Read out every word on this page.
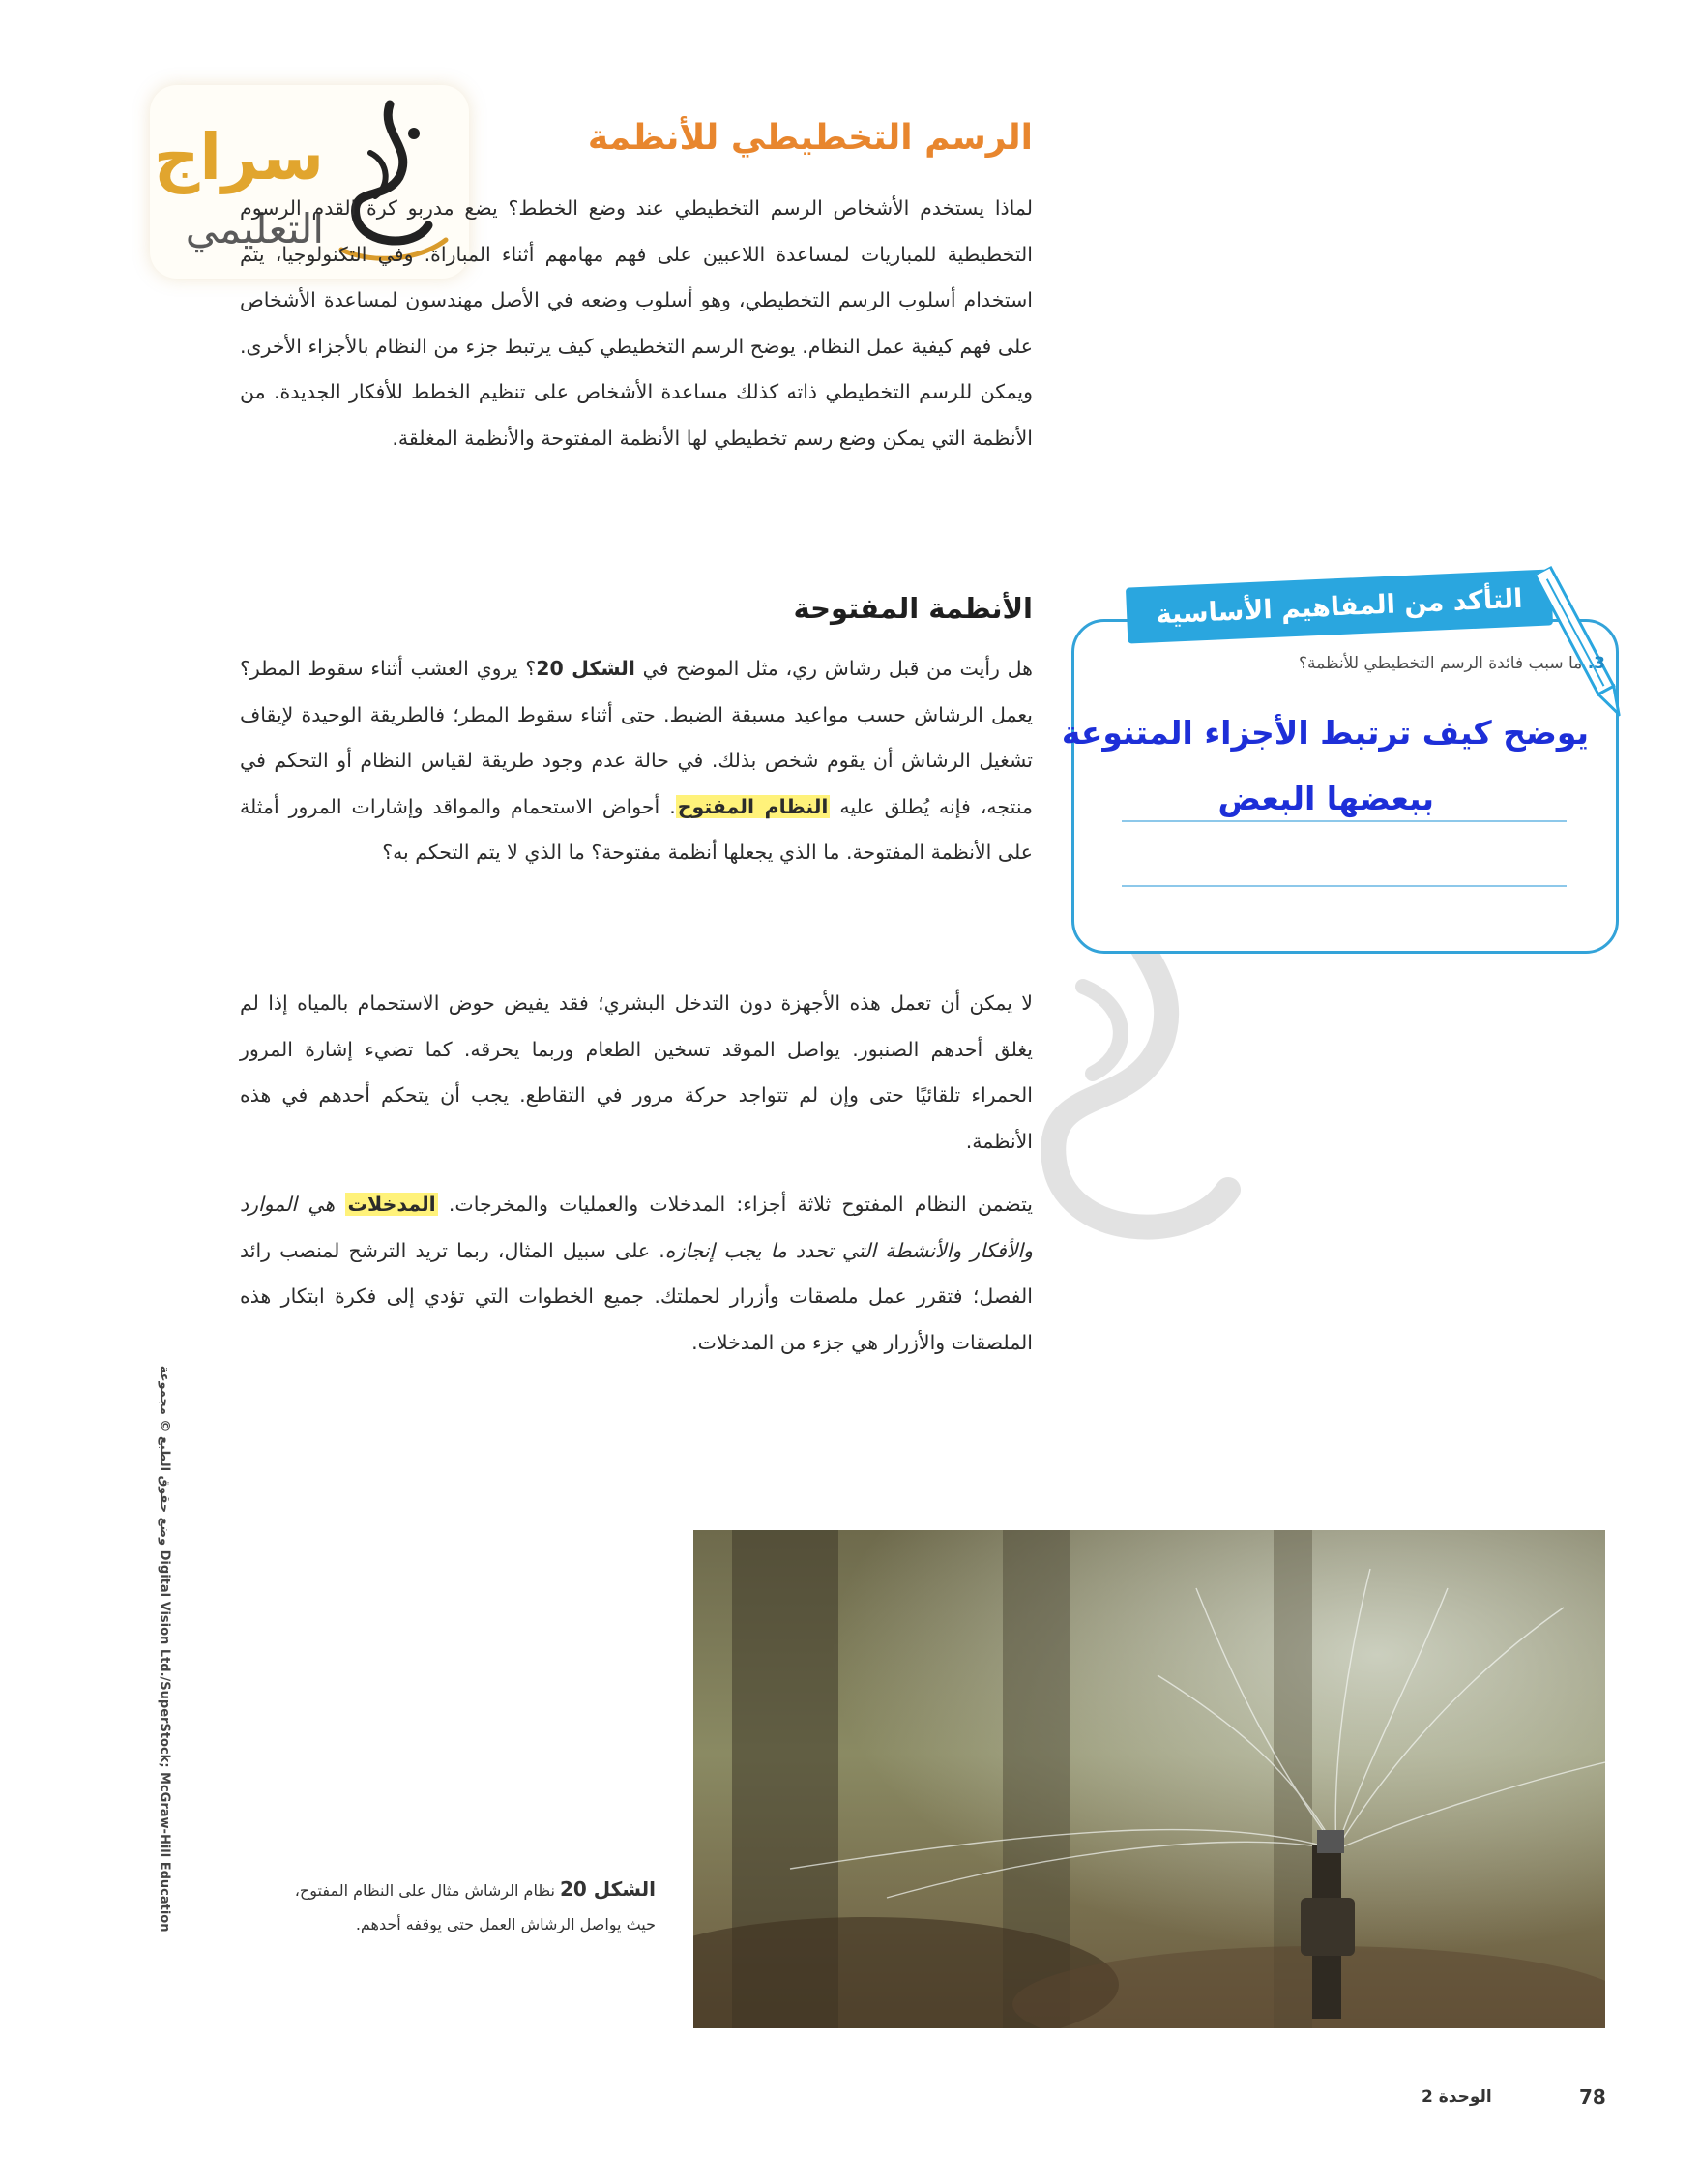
سراج
التعليمي
الرسم التخطيطي للأنظمة
لماذا يستخدم الأشخاص الرسم التخطيطي عند وضع الخطط؟ يضع مدربو كرة القدم الرسوم التخطيطية للمباريات لمساعدة اللاعبين على فهم مهامهم أثناء المباراة. وفي التكنولوجيا، يتم استخدام أسلوب الرسم التخطيطي، وهو أسلوب وضعه في الأصل مهندسون لمساعدة الأشخاص على فهم كيفية عمل النظام. يوضح الرسم التخطيطي كيف يرتبط جزء من النظام بالأجزاء الأخرى. ويمكن للرسم التخطيطي ذاته كذلك مساعدة الأشخاص على تنظيم الخطط للأفكار الجديدة. من الأنظمة التي يمكن وضع رسم تخطيطي لها الأنظمة المفتوحة والأنظمة المغلقة.
الأنظمة المفتوحة
هل رأيت من قبل رشاش ري، مثل الموضح في الشكل 20؟ يروي العشب أثناء سقوط المطر؟ يعمل الرشاش حسب مواعيد مسبقة الضبط. حتى أثناء سقوط المطر؛ فالطريقة الوحيدة لإيقاف تشغيل الرشاش أن يقوم شخص بذلك. في حالة عدم وجود طريقة لقياس النظام أو التحكم في منتجه، فإنه يُطلق عليه النظام المفتوح. أحواض الاستحمام والمواقد وإشارات المرور أمثلة على الأنظمة المفتوحة. ما الذي يجعلها أنظمة مفتوحة؟ ما الذي لا يتم التحكم به؟
لا يمكن أن تعمل هذه الأجهزة دون التدخل البشري؛ فقد يفيض حوض الاستحمام بالمياه إذا لم يغلق أحدهم الصنبور. يواصل الموقد تسخين الطعام وربما يحرقه. كما تضيء إشارة المرور الحمراء تلقائيًا حتى وإن لم تتواجد حركة مرور في التقاطع. يجب أن يتحكم أحدهم في هذه الأنظمة.
يتضمن النظام المفتوح ثلاثة أجزاء: المدخلات والعمليات والمخرجات. المدخلات هي الموارد والأفكار والأنشطة التي تحدد ما يجب إنجازه. على سبيل المثال، ربما تريد الترشح لمنصب رائد الفصل؛ فتقرر عمل ملصقات وأزرار لحملتك. جميع الخطوات التي تؤدي إلى فكرة ابتكار هذه الملصقات والأزرار هي جزء من المدخلات.
التأكد من المفاهيم الأساسية
3. ما سبب فائدة الرسم التخطيطي للأنظمة؟
يوضح كيف ترتبط الأجزاء المتنوعة
ببعضها البعض
Digital Vision Ltd./SuperStock; McGraw-Hill Education وضع حقوق الطبع © مجموعة	الشكل 20 نظام الرشاش مثال على النظام المفتوح، حيث يواصل الرشاش العمل حتى يوقفه أحدهم.
78
الوحدة 2
